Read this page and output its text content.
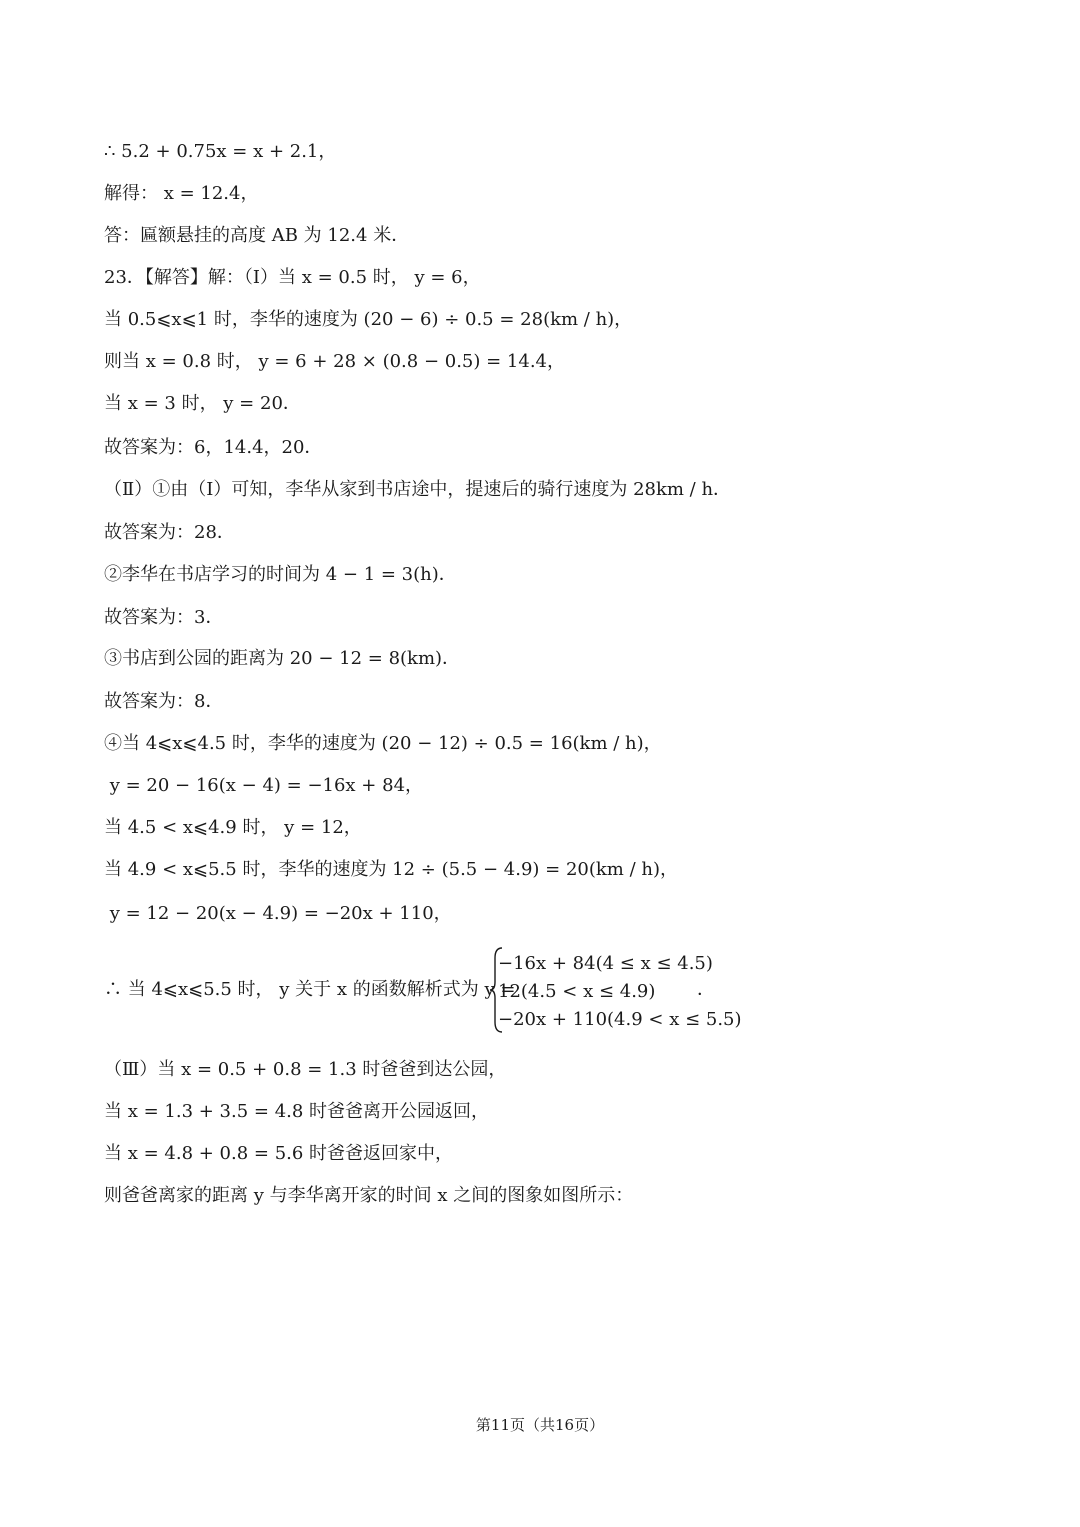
∴ 5.2 + 0.75x = x + 2.1，
解得： x = 12.4，
答：匾额悬挂的高度 AB 为 12.4 米．
23．【解答】解：（Ⅰ）当 x = 0.5 时， y = 6，
当 0.5⩽x⩽1 时，李华的速度为 (20 − 6) ÷ 0.5 = 28(km / h)，
则当 x = 0.8 时， y = 6 + 28 × (0.8 − 0.5) = 14.4，
当 x = 3 时， y = 20．
故答案为：6，14.4，20．
（Ⅱ）①由（Ⅰ）可知，李华从家到书店途中，提速后的骑行速度为 28km / h．
故答案为：28．
②李华在书店学习的时间为 4 − 1 = 3(h)．
故答案为：3．
③书店到公园的距离为 20 − 12 = 8(km)．
故答案为：8．
④当 4⩽x⩽4.5 时，李华的速度为 (20 − 12) ÷ 0.5 = 16(km / h)，
y = 20 − 16(x − 4) = −16x + 84，
当 4.5 < x⩽4.9 时， y = 12，
当 4.9 < x⩽5.5 时，李华的速度为 12 ÷ (5.5 − 4.9) = 20(km / h)，
y = 12 − 20(x − 4.9) = −20x + 110，
∴ 当 4⩽x⩽5.5 时， y 关于 x 的函数解析式为 y =
−16x + 84(4 ≤ x ≤ 4.5)
12(4.5 < x ≤ 4.9)
−20x + 110(4.9 < x ≤ 5.5)
．
（Ⅲ）当 x = 0.5 + 0.8 = 1.3 时爸爸到达公园，
当 x = 1.3 + 3.5 = 4.8 时爸爸离开公园返回，
当 x = 4.8 + 0.8 = 5.6 时爸爸返回家中，
则爸爸离家的距离 y 与李华离开家的时间 x 之间的图象如图所示：
第11页（共16页）
